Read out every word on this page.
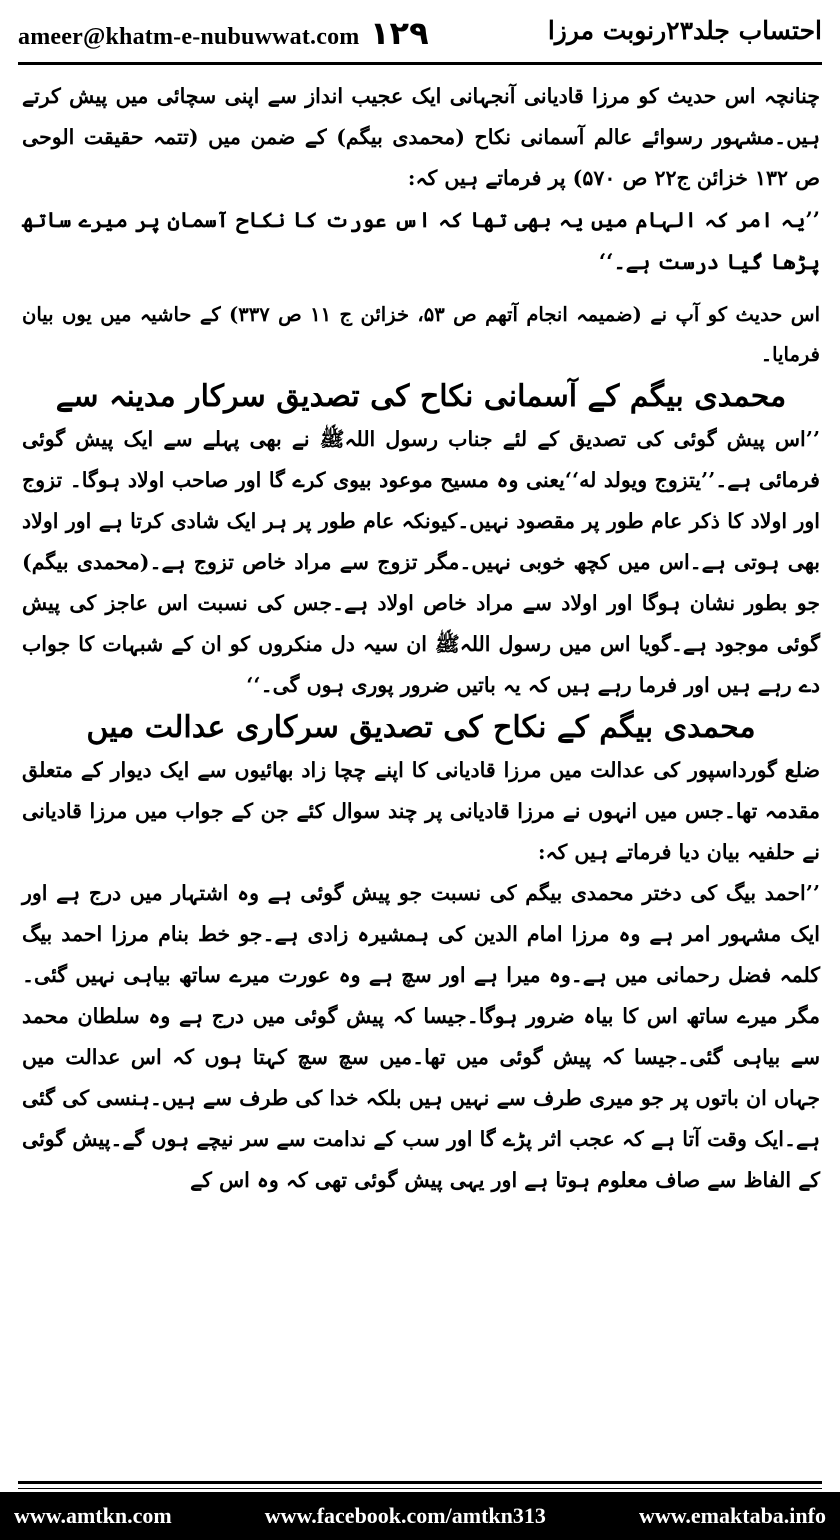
ameer@khatm-e-nubuwwat.com ۱۲۹	احتساب جلد۲۳رنوبت مرزا

چنانچہ اس حدیث کو مرزا قادیانی آنجہانی ایک عجیب انداز سے اپنی سچائی میں پیش کرتے ہیں۔مشہور رسوائے عالم آسمانی نکاح (محمدی بیگم) کے ضمن میں (تتمہ حقیقت الوحی ص ۱۳۲ خزائن ج۲۲ ص ۵۷۰) پر فرماتے ہیں کہ:

’’یہ امر کہ الہام میں یہ بھی تھا کہ اس عورت کا نکاح آسمان پر میرے ساتھ پڑھا گیا درست ہے۔‘‘

اس حدیث کو آپ نے (ضمیمہ انجام آتھم ص ۵۳، خزائن ج ۱۱ ص ۳۳۷) کے حاشیہ میں یوں بیان فرمایا۔

محمدی بیگم کے آسمانی نکاح کی تصدیق سرکار مدینہ سے

’’اس پیش گوئی کی تصدیق کے لئے جناب رسول اللہﷺ نے بھی پہلے سے ایک پیش گوئی فرمائی ہے۔’’یتزوج ویولد له‘‘یعنی وہ مسیح موعود بیوی کرے گا اور صاحب اولاد ہوگا۔ تزوج اور اولاد کا ذکر عام طور پر مقصود نہیں۔کیونکہ عام طور پر ہر ایک شادی کرتا ہے اور اولاد بھی ہوتی ہے۔اس میں کچھ خوبی نہیں۔مگر تزوج سے مراد خاص تزوج ہے۔(محمدی بیگم) جو بطور نشان ہوگا اور اولاد سے مراد خاص اولاد ہے۔جس کی نسبت اس عاجز کی پیش گوئی موجود ہے۔گویا اس میں رسول اللہﷺ ان سیہ دل منکروں کو ان کے شبہات کا جواب دے رہے ہیں اور فرما رہے ہیں کہ یہ باتیں ضرور پوری ہوں گی۔‘‘

محمدی بیگم کے نکاح کی تصدیق سرکاری عدالت میں

ضلع گورداسپور کی عدالت میں مرزا قادیانی کا اپنے چچا زاد بھائیوں سے ایک دیوار کے متعلق مقدمہ تھا۔جس میں انہوں نے مرزا قادیانی پر چند سوال کئے جن کے جواب میں مرزا قادیانی نے حلفیہ بیان دیا فرماتے ہیں کہ:

’’احمد بیگ کی دختر محمدی بیگم کی نسبت جو پیش گوئی ہے وہ اشتہار میں درج ہے اور ایک مشہور امر ہے وہ مرزا امام الدین کی ہمشیرہ زادی ہے۔جو خط بنام مرزا احمد بیگ کلمہ فضل رحمانی میں ہے۔وہ میرا ہے اور سچ ہے وہ عورت میرے ساتھ بیاہی نہیں گئی۔مگر میرے ساتھ اس کا بیاہ ضرور ہوگا۔جیسا کہ پیش گوئی میں درج ہے وہ سلطان محمد سے بیاہی گئی۔جیسا کہ پیش گوئی میں تھا۔میں سچ سچ کہتا ہوں کہ اس عدالت میں جہاں ان باتوں پر جو میری طرف سے نہیں ہیں بلکہ خدا کی طرف سے ہیں۔ہنسی کی گئی ہے۔ایک وقت آتا ہے کہ عجب اثر پڑے گا اور سب کے ندامت سے سر نیچے ہوں گے۔پیش گوئی کے الفاظ سے صاف معلوم ہوتا ہے اور یہی پیش گوئی تھی کہ وہ اس کے

www.amtkn.com	www.facebook.com/amtkn313	www.emaktaba.info
